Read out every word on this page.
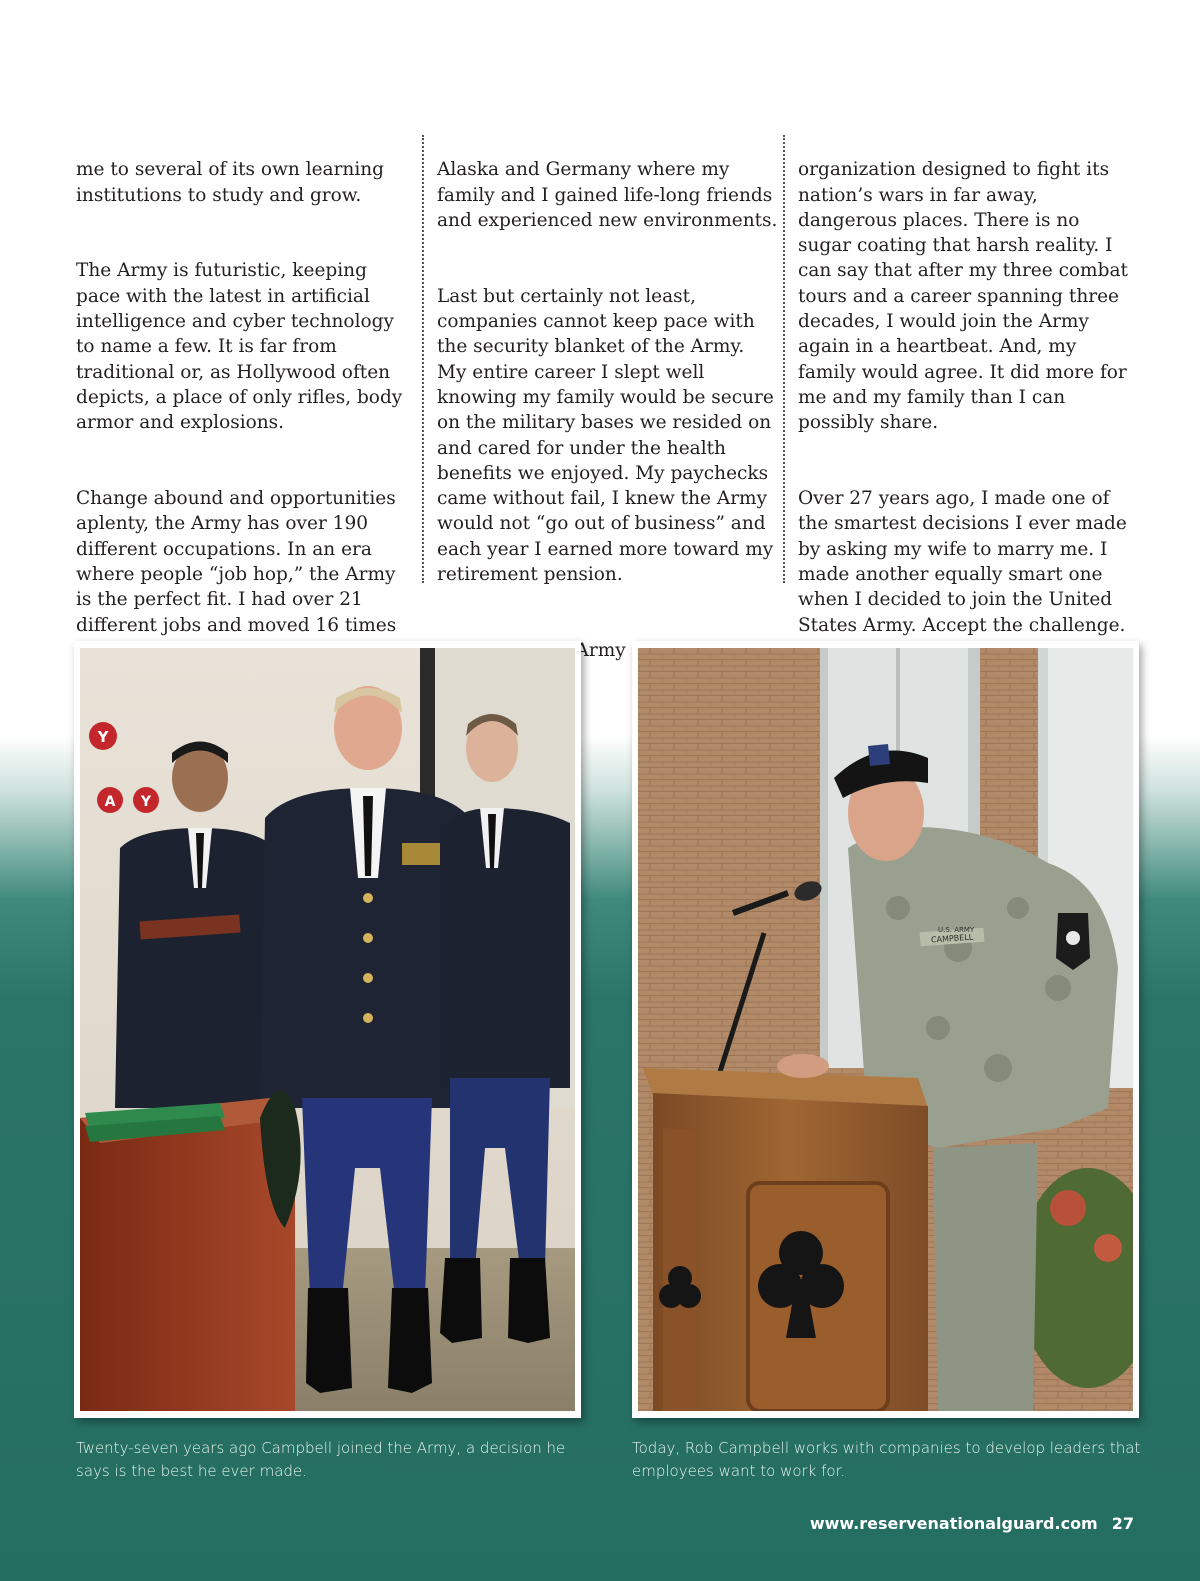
me to several of its own learning institutions to study and grow.

The Army is futuristic, keeping pace with the latest in artificial intelligence and cyber technology to name a few. It is far from traditional or, as Hollywood often depicts, a place of only rifles, body armor and explosions.

Change abound and opportunities aplenty, the Army has over 190 different occupations. In an era where people “job hop,” the Army is the perfect fit. I had over 21 different jobs and moved 16 times

Alaska and Germany where my family and I gained life-long friends and experienced new environments.

Last but certainly not least, companies cannot keep pace with the security blanket of the Army. My entire career I slept well knowing my family would be secure on the military bases we resided on and cared for under the health benefits we enjoyed. My paychecks came without fail, I knew the Army would not “go out of business” and each year I earned more toward my retirement pension.

Army

organization designed to fight its nation’s wars in far away, dangerous places. There is no sugar coating that harsh reality. I can say that after my three combat tours and a career spanning three decades, I would join the Army again in a heartbeat. And, my family would agree. It did more for me and my family than I can possibly share.

Over 27 years ago, I made one of the smartest decisions I ever made by asking my wife to marry me. I made another equally smart one when I decided to join the United States Army. Accept the challenge.

Y
A Y
CAMPBELL
U.S. ARMY
Twenty-seven years ago Campbell joined the Army, a decision he says is the best he ever made.
Today, Rob Campbell works with companies to develop leaders that employees want to work for.
www.reservenationalguard.com 27
